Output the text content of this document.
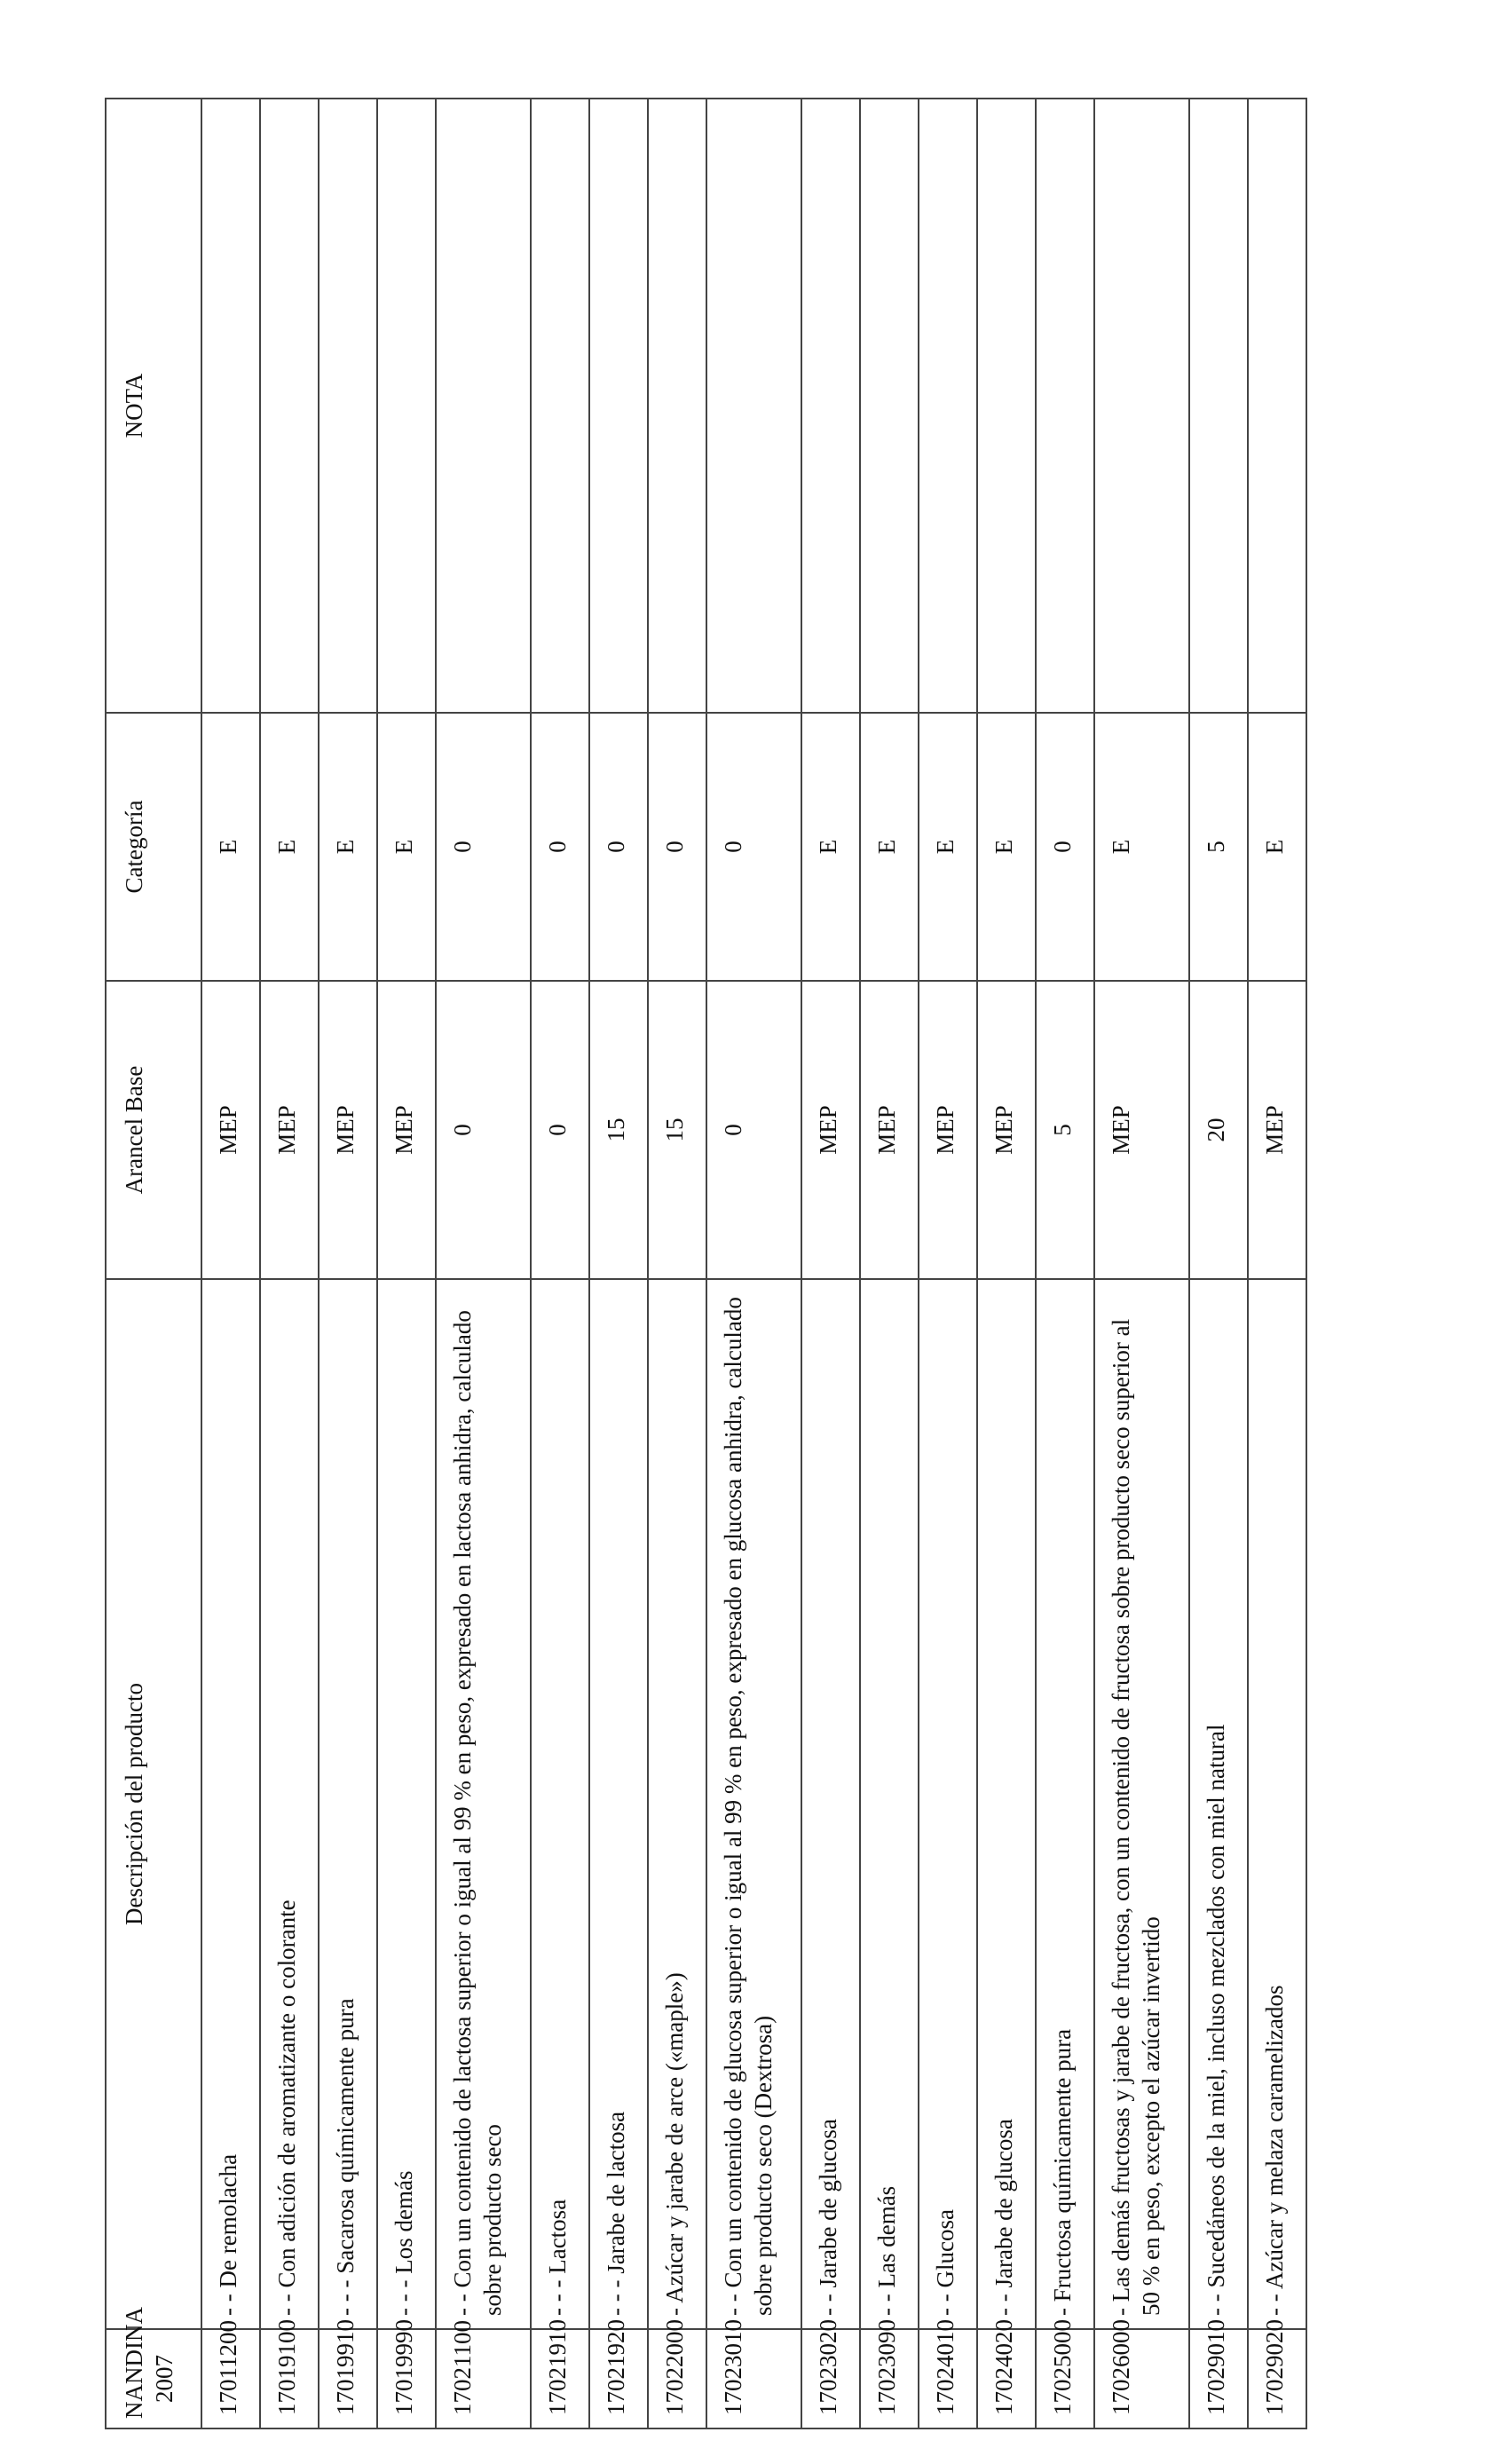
NANDINA 2007	Descripción del producto	Arancel Base	Categoría	NOTA
17011200	- - De remolacha	MEP	E	
17019100	- - Con adición de aromatizante o colorante	MEP	E	
17019910	- - - Sacarosa químicamente pura	MEP	E	
17019990	- - - Los demás	MEP	E	
17021100	- - Con un contenido de lactosa superior o igual al 99 % en peso, expresado en lactosa anhidra, calculado sobre producto seco	0	0	
17021910	- - - Lactosa	0	0	
17021920	- - - Jarabe de lactosa	15	0	
17022000	- Azúcar y jarabe de arce («maple»)	15	0	
17023010	- - Con un contenido de glucosa superior o igual al 99 % en peso, expresado en glucosa anhidra, calculado sobre producto seco (Dextrosa)	0	0	
17023020	- - Jarabe de glucosa	MEP	E	
17023090	- - Las demás	MEP	E	
17024010	- - Glucosa	MEP	E	
17024020	- - Jarabe de glucosa	MEP	E	
17025000	- Fructosa químicamente pura	5	0	
17026000	- Las demás fructosas y jarabe de fructosa, con un contenido de fructosa sobre producto seco superior al 50 % en peso, excepto el azúcar invertido	MEP	E	
17029010	- - Sucedáneos de la miel, incluso mezclados con miel natural	20	5	
17029020	- - Azúcar y melaza caramelizados	MEP	E	
